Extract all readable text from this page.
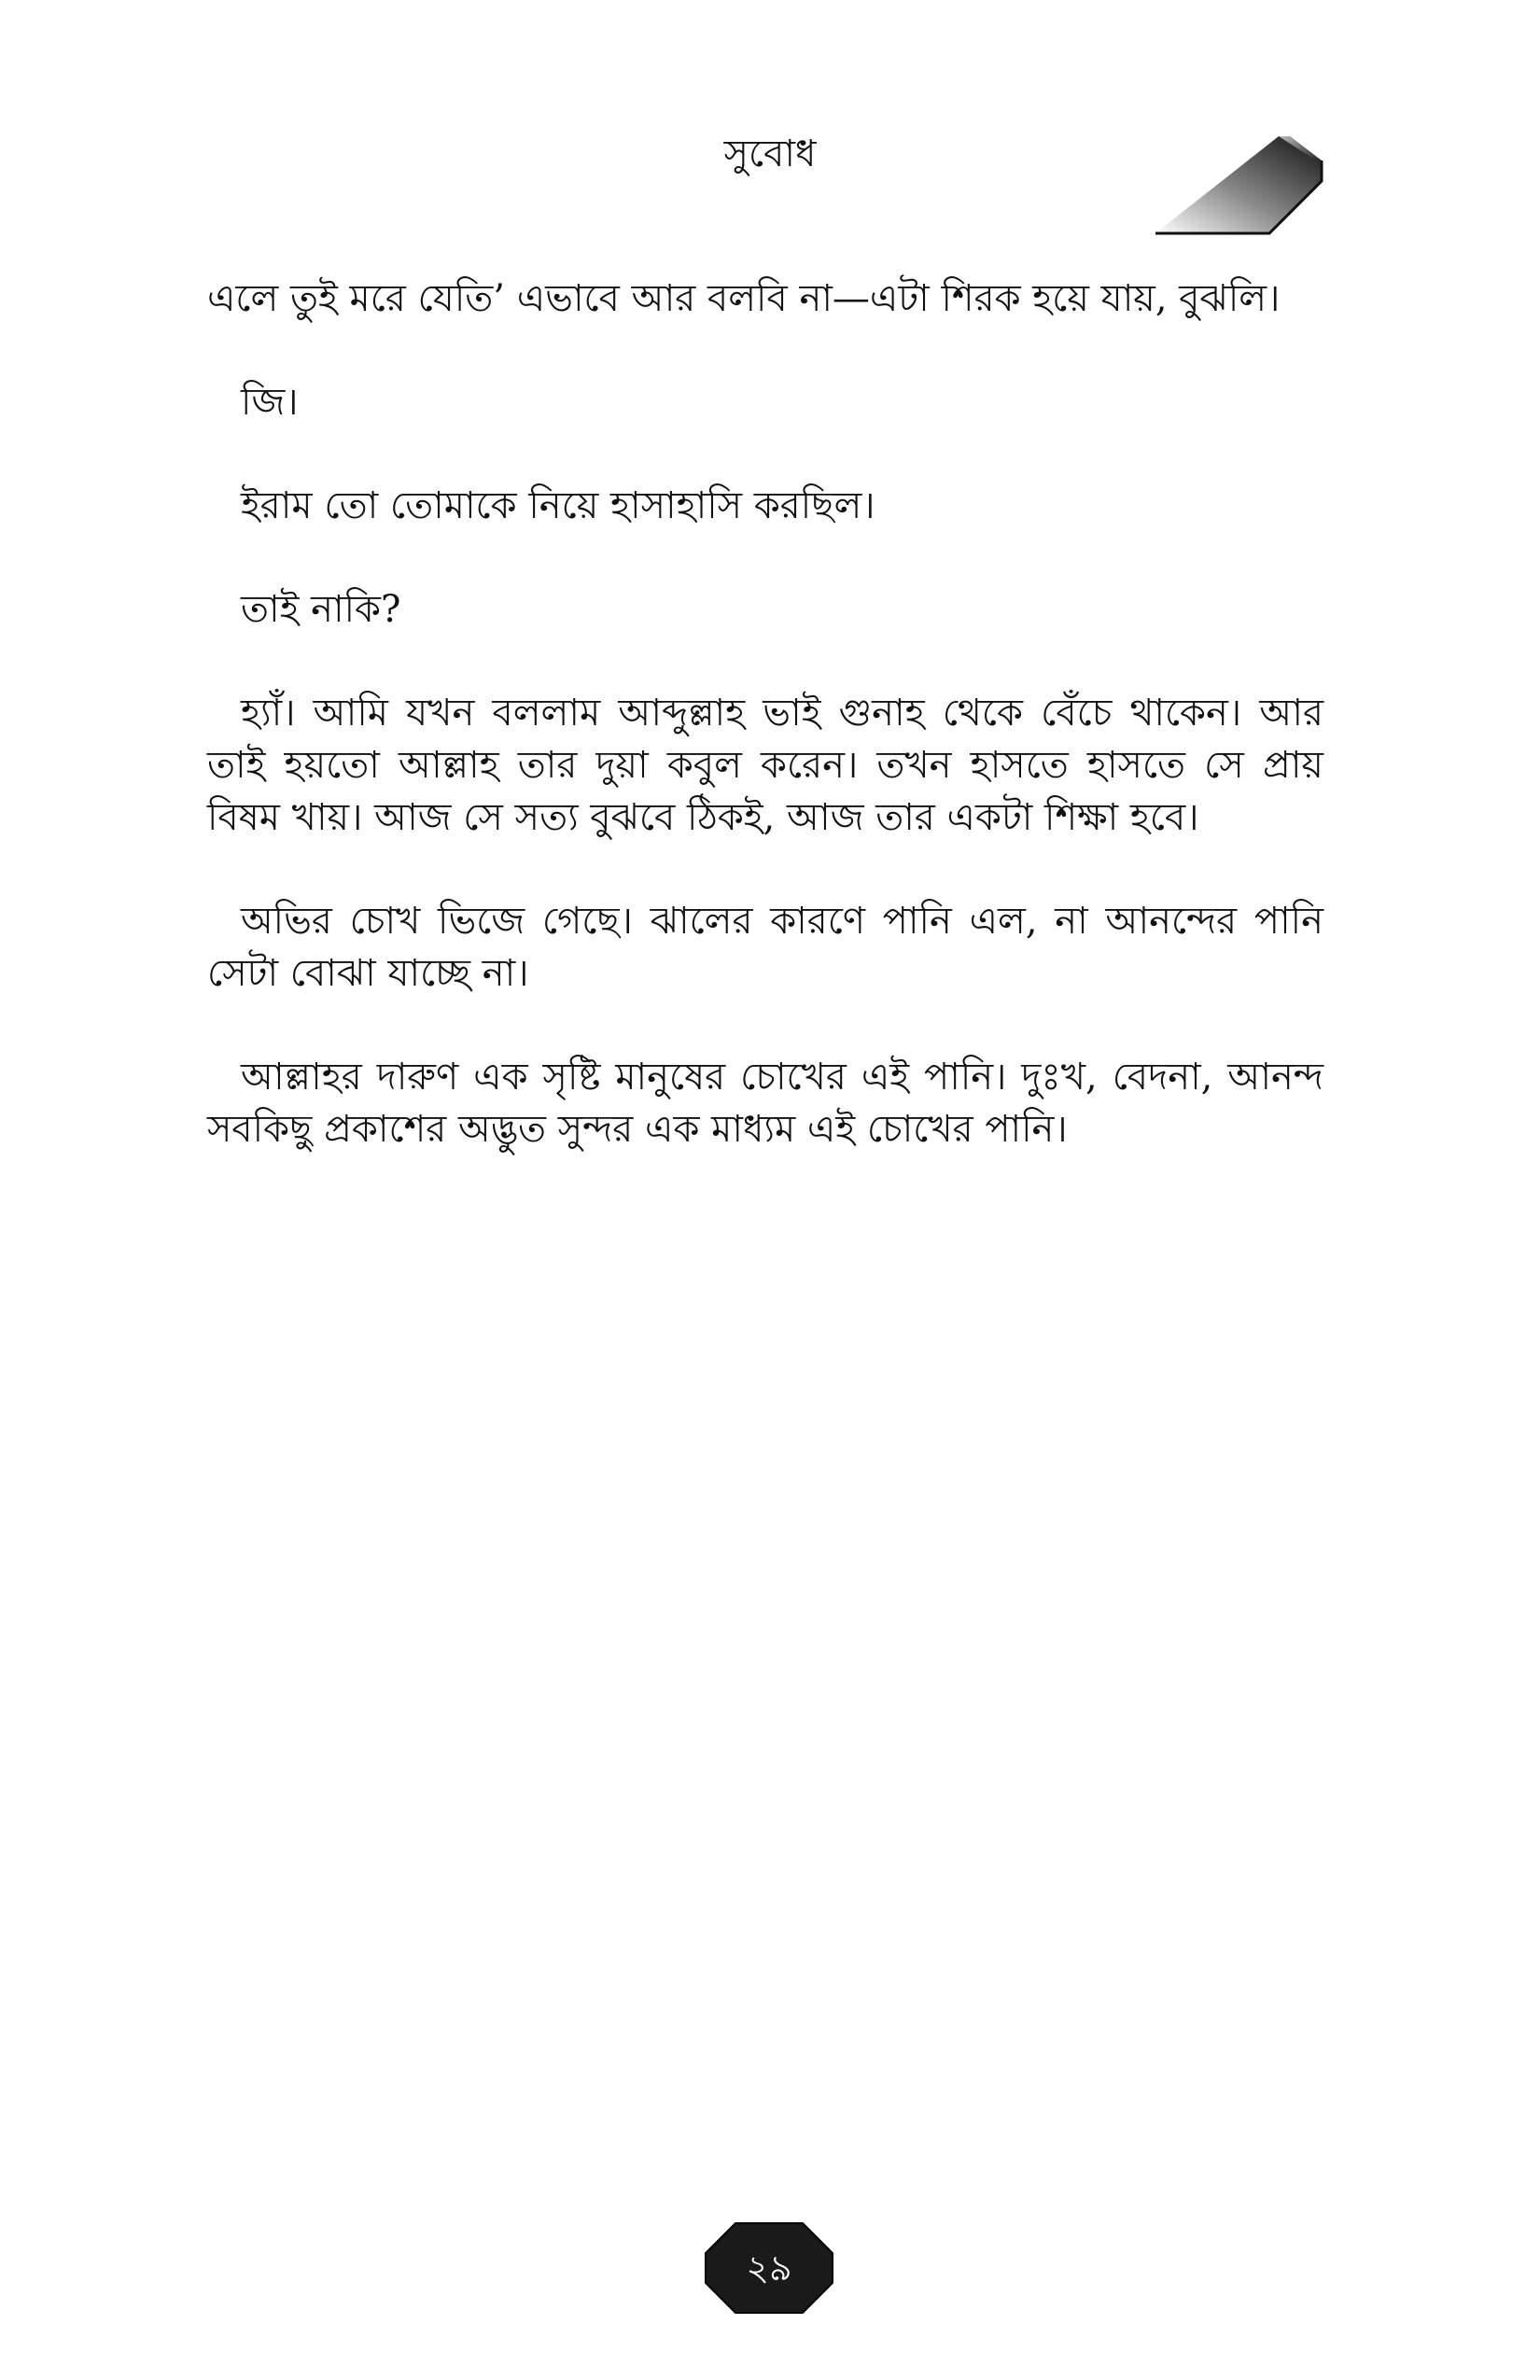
সুবোধ

এলে তুই মরে যেতি’ এভাবে আর বলবি না—এটা শিরক হয়ে যায়, বুঝলি।

জি।

ইরাম তো তোমাকে নিয়ে হাসাহাসি করছিল।

তাই নাকি?

হ্যাঁ। আমি যখন বললাম আব্দুল্লাহ ভাই গুনাহ থেকে বেঁচে থাকেন। আর তাই হয়তো আল্লাহ তার দুয়া কবুল করেন। তখন হাসতে হাসতে সে প্রায় বিষম খায়। আজ সে সত্য বুঝবে ঠিকই, আজ তার একটা শিক্ষা হবে।

অভির চোখ ভিজে গেছে। ঝালের কারণে পানি এল, না আনন্দের পানি সেটা বোঝা যাচ্ছে না।

আল্লাহর দারুণ এক সৃষ্টি মানুষের চোখের এই পানি। দুঃখ, বেদনা, আনন্দ সবকিছু প্রকাশের অদ্ভুত সুন্দর এক মাধ্যম এই চোখের পানি।

২৯
